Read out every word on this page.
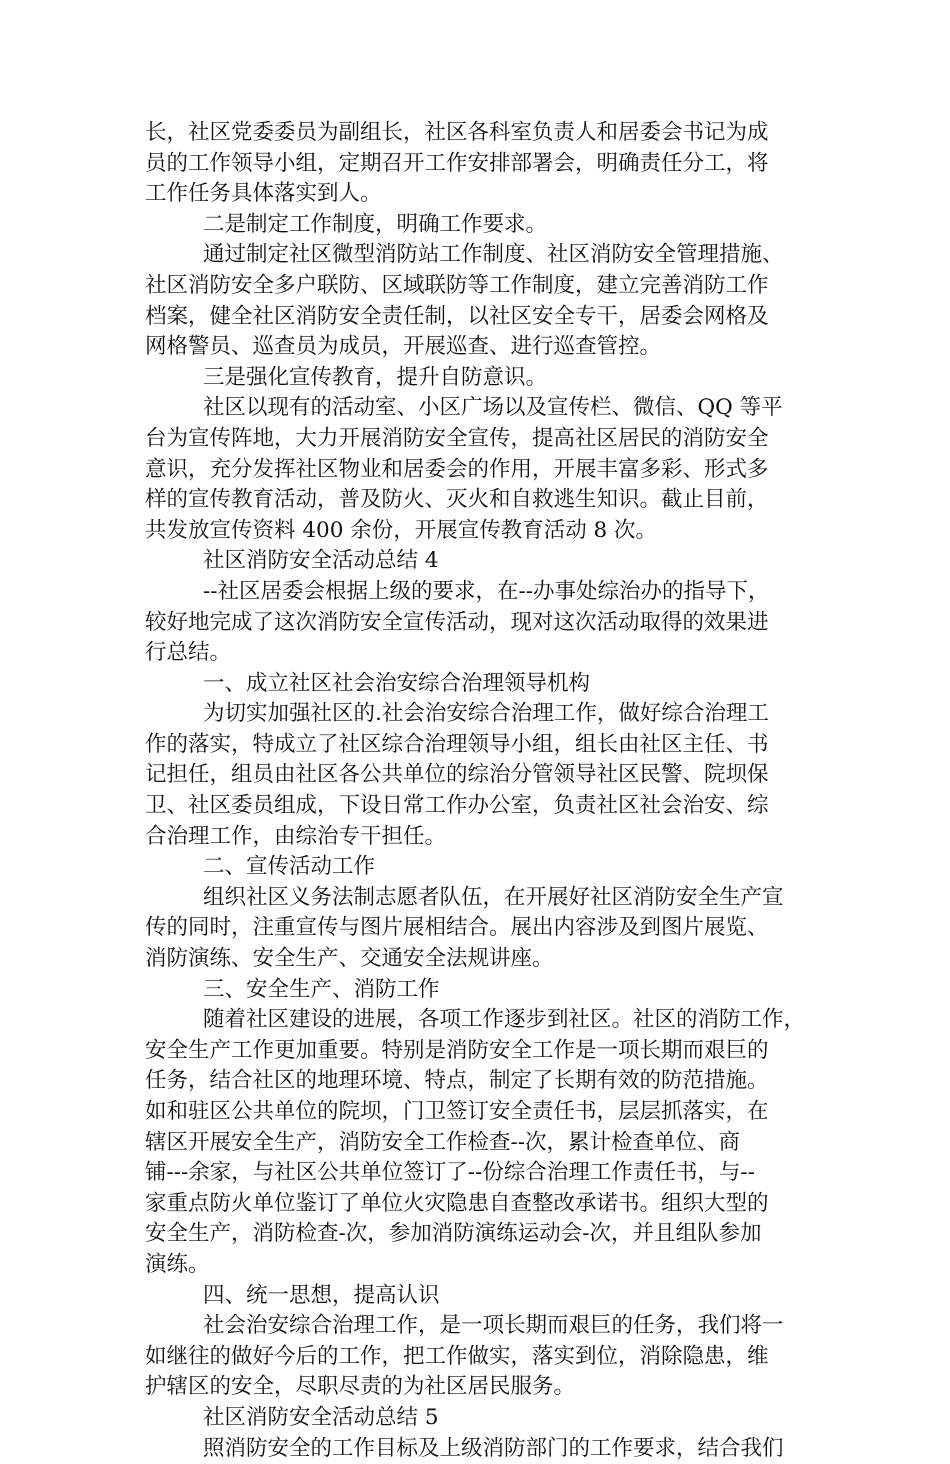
长，社区党委委员为副组长，社区各科室负责人和居委会书记为成
员的工作领导小组，定期召开工作安排部署会，明确责任分工，将
工作任务具体落实到人。
二是制定工作制度，明确工作要求。
通过制定社区微型消防站工作制度、社区消防安全管理措施、
社区消防安全多户联防、区域联防等工作制度，建立完善消防工作
档案，健全社区消防安全责任制，以社区安全专干，居委会网格及
网格警员、巡查员为成员，开展巡查、进行巡查管控。
三是强化宣传教育，提升自防意识。
社区以现有的活动室、小区广场以及宣传栏、微信、QQ 等平
台为宣传阵地，大力开展消防安全宣传，提高社区居民的消防安全
意识，充分发挥社区物业和居委会的作用，开展丰富多彩、形式多
样的宣传教育活动，普及防火、灭火和自救逃生知识。截止目前，
共发放宣传资料 400 余份，开展宣传教育活动 8 次。
社区消防安全活动总结 4
--社区居委会根据上级的要求，在--办事处综治办的指导下，
较好地完成了这次消防安全宣传活动，现对这次活动取得的效果进
行总结。
一、成立社区社会治安综合治理领导机构
为切实加强社区的.社会治安综合治理工作，做好综合治理工
作的落实，特成立了社区综合治理领导小组，组长由社区主任、书
记担任，组员由社区各公共单位的综治分管领导社区民警、院坝保
卫、社区委员组成，下设日常工作办公室，负责社区社会治安、综
合治理工作，由综治专干担任。
二、宣传活动工作
组织社区义务法制志愿者队伍，在开展好社区消防安全生产宣
传的同时，注重宣传与图片展相结合。展出内容涉及到图片展览、
消防演练、安全生产、交通安全法规讲座。
三、安全生产、消防工作
随着社区建设的进展，各项工作逐步到社区。社区的消防工作，
安全生产工作更加重要。特别是消防安全工作是一项长期而艰巨的
任务，结合社区的地理环境、特点，制定了长期有效的防范措施。
如和驻区公共单位的院坝，门卫签订安全责任书，层层抓落实，在
辖区开展安全生产，消防安全工作检查--次，累计检查单位、商
铺---余家，与社区公共单位签订了--份综合治理工作责任书，与--
家重点防火单位鉴订了单位火灾隐患自查整改承诺书。组织大型的
安全生产，消防检查-次，参加消防演练运动会-次，并且组队参加
演练。
四、统一思想，提高认识
社会治安综合治理工作，是一项长期而艰巨的任务，我们将一
如继往的做好今后的工作，把工作做实，落实到位，消除隐患，维
护辖区的安全，尽职尽责的为社区居民服务。
社区消防安全活动总结 5
照消防安全的工作目标及上级消防部门的工作要求，结合我们
